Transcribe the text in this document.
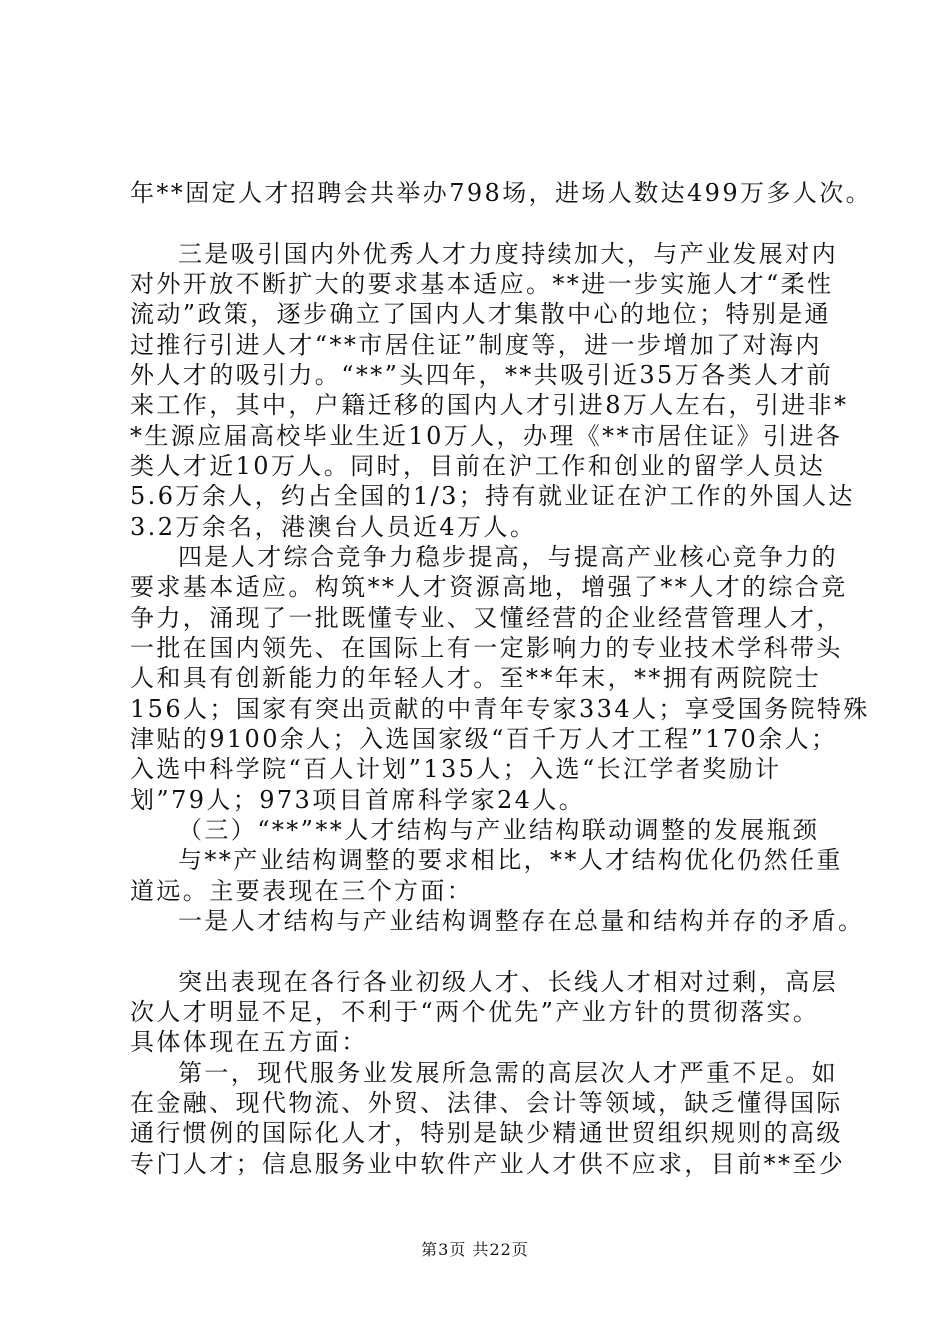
年**固定人才招聘会共举办798场，进场人数达499万多人次。
三是吸引国内外优秀人才力度持续加大，与产业发展对内
对外开放不断扩大的要求基本适应。**进一步实施人才“柔性
流动”政策，逐步确立了国内人才集散中心的地位；特别是通
过推行引进人才“**市居住证”制度等，进一步增加了对海内
外人才的吸引力。“**”头四年，**共吸引近35万各类人才前
来工作，其中，户籍迁移的国内人才引进8万人左右，引进非*
*生源应届高校毕业生近10万人，办理《**市居住证》引进各
类人才近10万人。同时，目前在沪工作和创业的留学人员达
5.6万余人，约占全国的1/3；持有就业证在沪工作的外国人达
3.2万余名，港澳台人员近4万人。
四是人才综合竞争力稳步提高，与提高产业核心竞争力的
要求基本适应。构筑**人才资源高地，增强了**人才的综合竞
争力，涌现了一批既懂专业、又懂经营的企业经营管理人才，
一批在国内领先、在国际上有一定影响力的专业技术学科带头
人和具有创新能力的年轻人才。至**年末，**拥有两院院士
156人；国家有突出贡献的中青年专家334人；享受国务院特殊
津贴的9100余人；入选国家级“百千万人才工程”170余人；
入选中科学院“百人计划”135人；入选“长江学者奖励计
划”79人；973项目首席科学家24人。
（三）“**”**人才结构与产业结构联动调整的发展瓶颈
与**产业结构调整的要求相比，**人才结构优化仍然任重
道远。主要表现在三个方面：
一是人才结构与产业结构调整存在总量和结构并存的矛盾。
突出表现在各行各业初级人才、长线人才相对过剩，高层
次人才明显不足，不利于“两个优先”产业方针的贯彻落实。
具体体现在五方面：
第一，现代服务业发展所急需的高层次人才严重不足。如
在金融、现代物流、外贸、法律、会计等领域，缺乏懂得国际
通行惯例的国际化人才，特别是缺少精通世贸组织规则的高级
专门人才；信息服务业中软件产业人才供不应求，目前**至少
第3页 共22页
